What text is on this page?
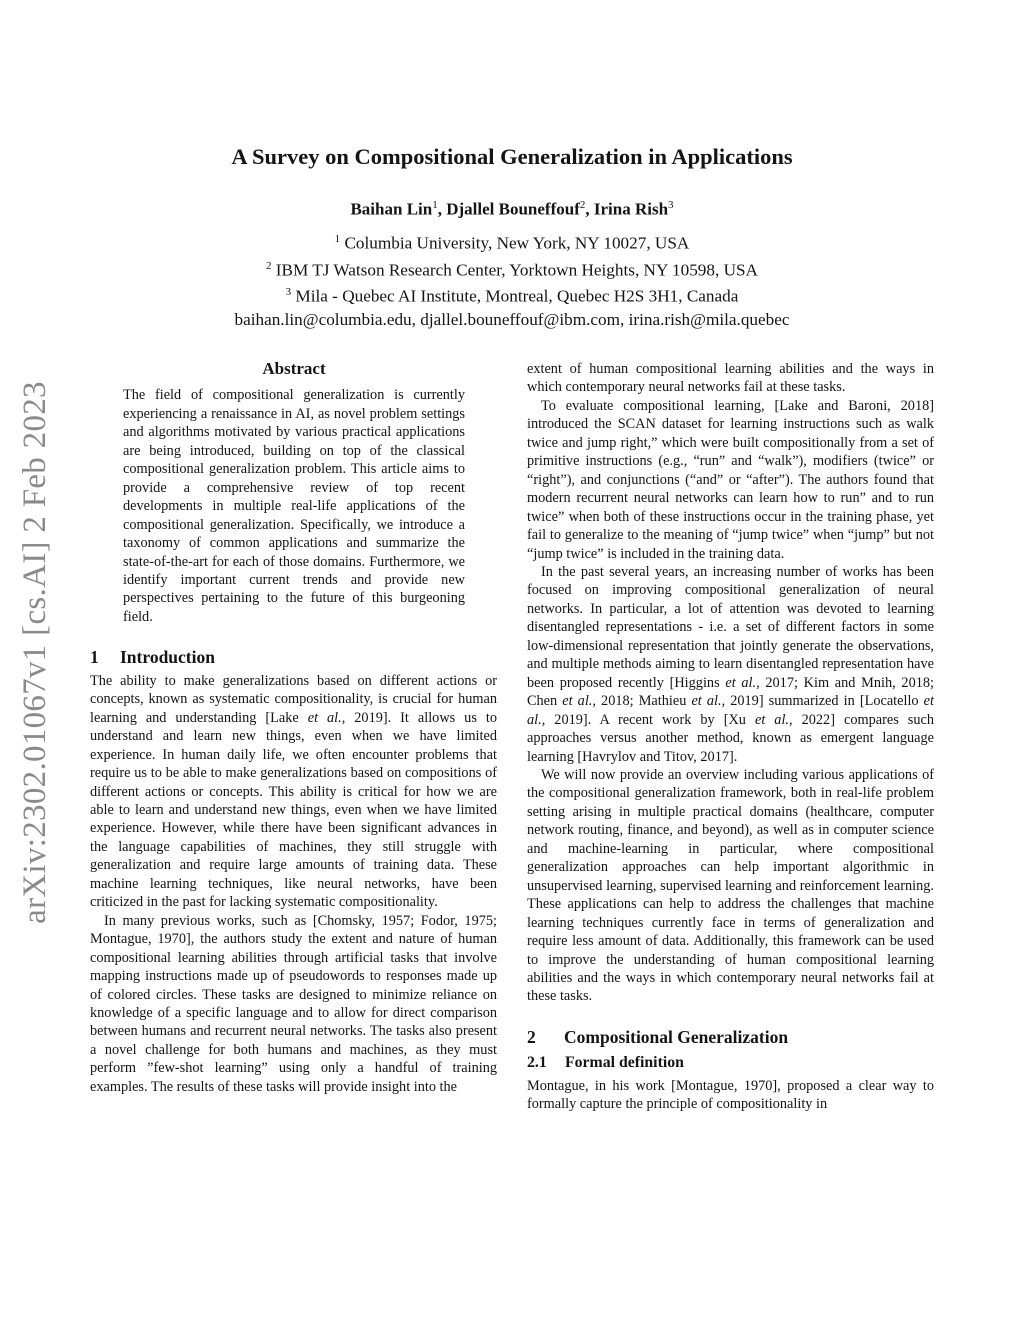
arXiv:2302.01067v1 [cs.AI] 2 Feb 2023
A Survey on Compositional Generalization in Applications
Baihan Lin$^1$, Djallel Bouneffouf$^2$, Irina Rish$^3$
$^1$ Columbia University, New York, NY 10027, USA
$^2$ IBM TJ Watson Research Center, Yorktown Heights, NY 10598, USA
$^3$ Mila - Quebec AI Institute, Montreal, Quebec H2S 3H1, Canada
baihan.lin@columbia.edu, djallel.bouneffouf@ibm.com, irina.rish@mila.quebec
Abstract

The field of compositional generalization is currently experiencing a renaissance in AI, as novel problem settings and algorithms motivated by various practical applications are being introduced, building on top of the classical compositional generalization problem. This article aims to provide a comprehensive review of top recent developments in multiple real-life applications of the compositional generalization. Specifically, we introduce a taxonomy of common applications and summarize the state-of-the-art for each of those domains. Furthermore, we identify important current trends and provide new perspectives pertaining to the future of this burgeoning field.

1 Introduction

The ability to make generalizations based on different actions or concepts, known as systematic compositionality, is crucial for human learning and understanding [Lake et al., 2019]. It allows us to understand and learn new things, even when we have limited experience. In human daily life, we often encounter problems that require us to be able to make generalizations based on compositions of different actions or concepts. This ability is critical for how we are able to learn and understand new things, even when we have limited experience. However, while there have been significant advances in the language capabilities of machines, they still struggle with generalization and require large amounts of training data. These machine learning techniques, like neural networks, have been criticized in the past for lacking systematic compositionality.

In many previous works, such as [Chomsky, 1957; Fodor, 1975; Montague, 1970], the authors study the extent and nature of human compositional learning abilities through artificial tasks that involve mapping instructions made up of pseudowords to responses made up of colored circles. These tasks are designed to minimize reliance on knowledge of a specific language and to allow for direct comparison between humans and recurrent neural networks. The tasks also present a novel challenge for both humans and machines, as they must perform ”few-shot learning” using only a handful of training examples. The results of these tasks will provide insight into the

extent of human compositional learning abilities and the ways in which contemporary neural networks fail at these tasks.

To evaluate compositional learning, [Lake and Baroni, 2018] introduced the SCAN dataset for learning instructions such as walk twice and jump right,” which were built compositionally from a set of primitive instructions (e.g., “run” and “walk”), modifiers (twice” or “right”), and conjunctions (“and” or “after”). The authors found that modern recurrent neural networks can learn how to run” and to run twice” when both of these instructions occur in the training phase, yet fail to generalize to the meaning of “jump twice” when “jump” but not “jump twice” is included in the training data.

In the past several years, an increasing number of works has been focused on improving compositional generalization of neural networks. In particular, a lot of attention was devoted to learning disentangled representations - i.e. a set of different factors in some low-dimensional representation that jointly generate the observations, and multiple methods aiming to learn disentangled representation have been proposed recently [Higgins et al., 2017; Kim and Mnih, 2018; Chen et al., 2018; Mathieu et al., 2019] summarized in [Locatello et al., 2019]. A recent work by [Xu et al., 2022] compares such approaches versus another method, known as emergent language learning [Havrylov and Titov, 2017].

We will now provide an overview including various applications of the compositional generalization framework, both in real-life problem setting arising in multiple practical domains (healthcare, computer network routing, finance, and beyond), as well as in computer science and machine-learning in particular, where compositional generalization approaches can help important algorithmic in unsupervised learning, supervised learning and reinforcement learning. These applications can help to address the challenges that machine learning techniques currently face in terms of generalization and require less amount of data. Additionally, this framework can be used to improve the understanding of human compositional learning abilities and the ways in which contemporary neural networks fail at these tasks.

2 Compositional Generalization
2.1 Formal definition

Montague, in his work [Montague, 1970], proposed a clear way to formally capture the principle of compositionality in
